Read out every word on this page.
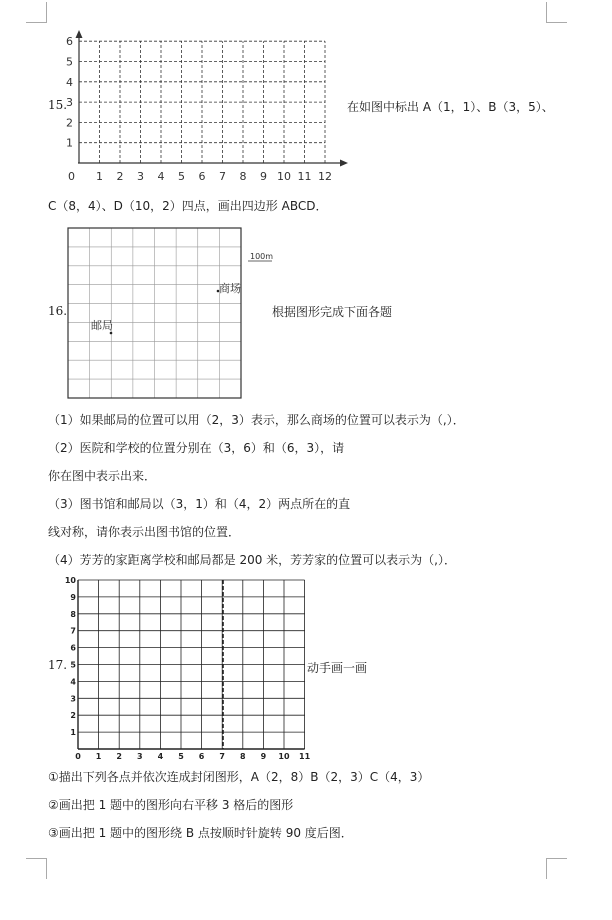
15.
0 1 2 3 4 5 6 7 8 9 10 11 12
1
2
3
4
5
6
在如图中标出 A（1，1）、B（3，5）、
C（8，4）、D（10，2）四点，画出四边形 ABCD．
16.
100m
商场
邮局
根据图形完成下面各题
（1）如果邮局的位置可以用（2，3）表示，那么商场的位置可以表示为（,）．
（2）医院和学校的位置分别在（3，6）和（6，3），请
你在图中表示出来．
（3）图书馆和邮局以（3，1）和（4，2）两点所在的直
线对称，请你表示出图书馆的位置．
（4）芳芳的家距离学校和邮局都是 200 米，芳芳家的位置可以表示为（,）．
17.
0 1 2 3 4 5 6 7 8 9 10 11
1
2
3
4
5
6
7
8
9
10
动手画一画
①描出下列各点并依次连成封闭图形，A（2，8）B（2，3）C（4，3）
②画出把 1 题中的图形向右平移 3 格后的图形
③画出把 1 题中的图形绕 B 点按顺时针旋转 90 度后图．
